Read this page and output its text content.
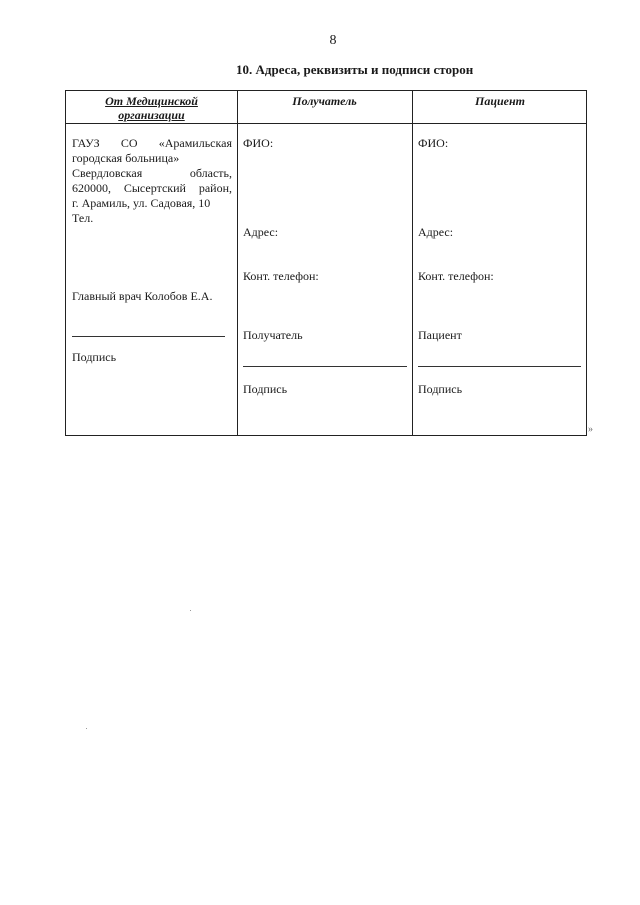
8
10. Адреса, реквизиты и подписи сторон
От Медицинской
организации
Получатель	Пациент
ГАУЗ СО «Арамильская
городская больница»
Свердловская	область,
620000, Сысертский район,
г. Арамиль, ул. Садовая, 10
Тел.
Главный врач Колобов Е.А.
Подпись
ФИО:
Адрес:
Конт. телефон:
Получатель
Подпись
ФИО:
Адрес:
Конт. телефон:
Пациент
Подпись
»
